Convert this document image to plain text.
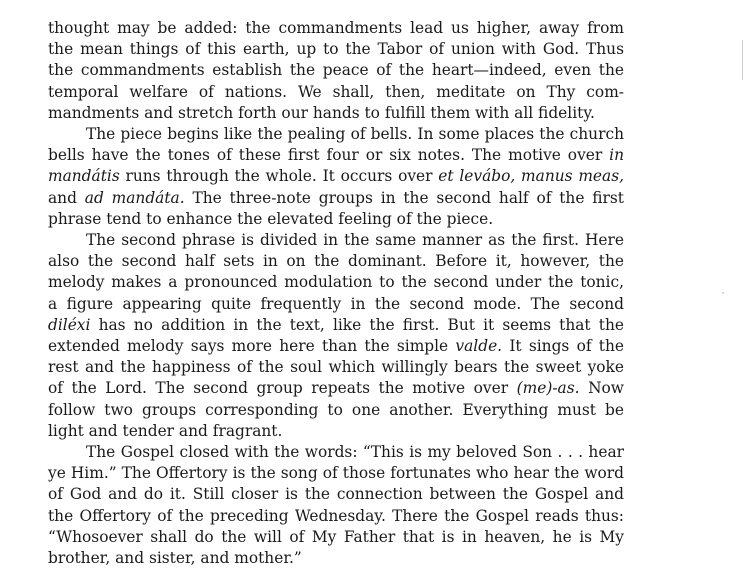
thought may be added: the commandments lead us higher, away from
the mean things of this earth, up to the Tabor of union with God. Thus
the commandments establish the peace of the heart—indeed, even the
temporal welfare of nations. We shall, then, meditate on Thy com-
mandments and stretch forth our hands to fulfill them with all fidelity.
The piece begins like the pealing of bells. In some places the church
bells have the tones of these first four or six notes. The motive over in
mandátis runs through the whole. It occurs over et levábo, manus meas,
and ad mandáta. The three-note groups in the second half of the first
phrase tend to enhance the elevated feeling of the piece.
The second phrase is divided in the same manner as the first. Here
also the second half sets in on the dominant. Before it, however, the
melody makes a pronounced modulation to the second under the tonic,
a figure appearing quite frequently in the second mode. The second
diléxi has no addition in the text, like the first. But it seems that the
extended melody says more here than the simple valde. It sings of the
rest and the happiness of the soul which willingly bears the sweet yoke
of the Lord. The second group repeats the motive over (me)-as. Now
follow two groups corresponding to one another. Everything must be
light and tender and fragrant.
The Gospel closed with the words: “This is my beloved Son . . . hear
ye Him.” The Offertory is the song of those fortunates who hear the word
of God and do it. Still closer is the connection between the Gospel and
the Offertory of the preceding Wednesday. There the Gospel reads thus:
“Whosoever shall do the will of My Father that is in heaven, he is My
brother, and sister, and mother.”
